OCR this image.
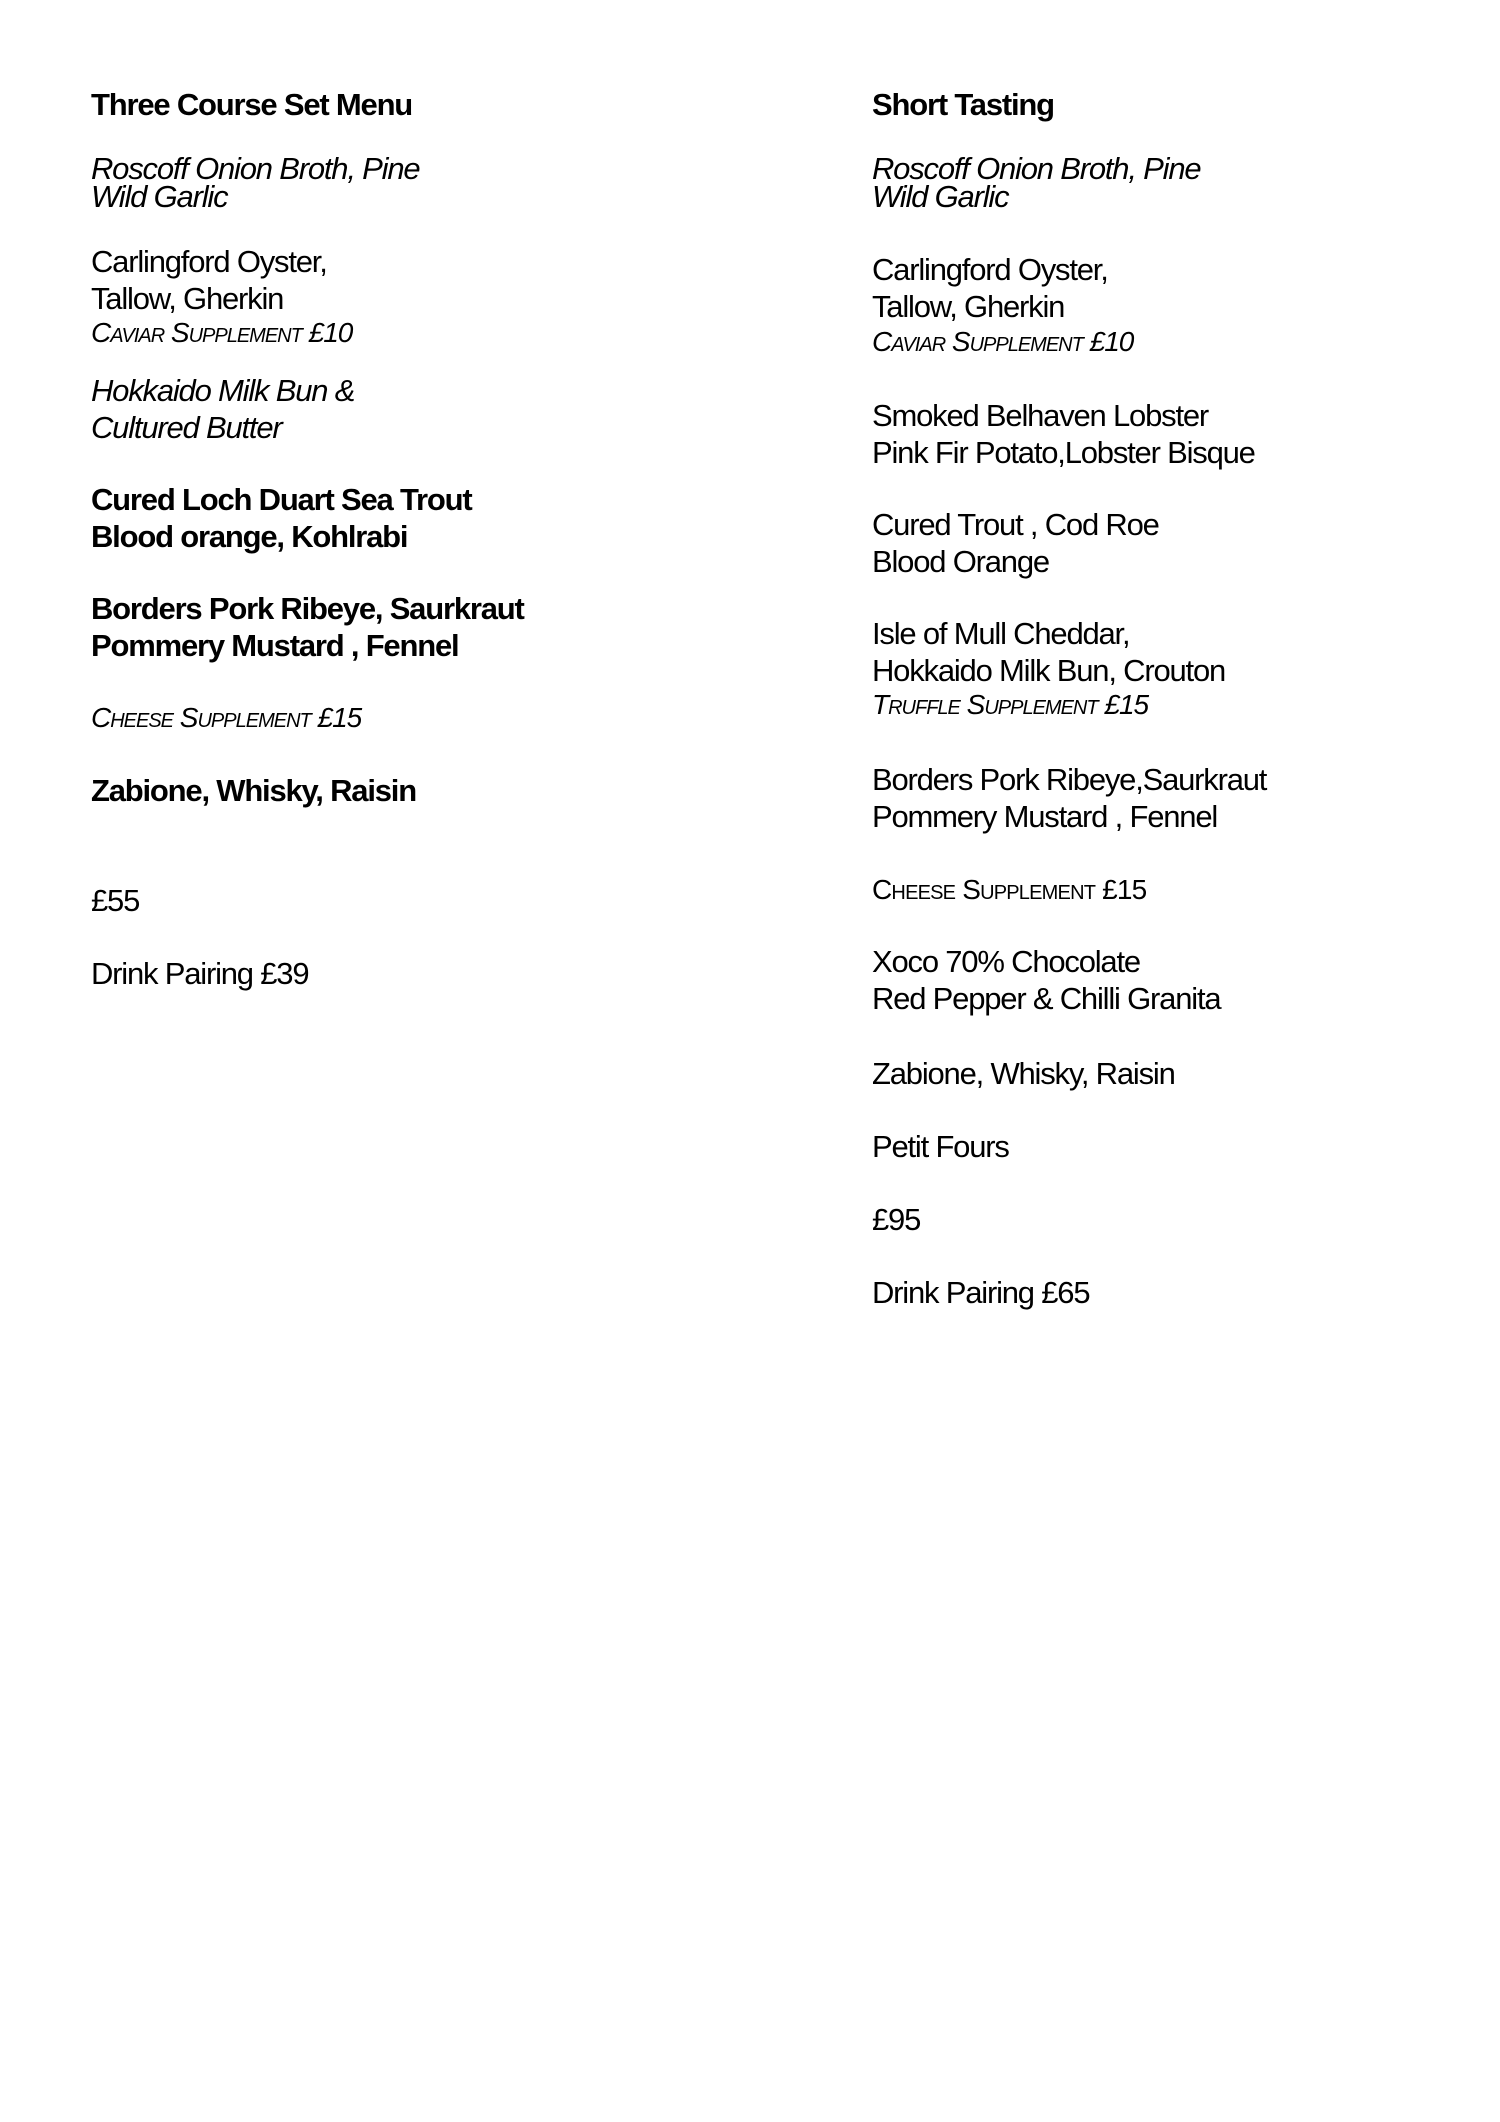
Three Course Set Menu
Roscoff Onion Broth, Pine
Wild Garlic
Carlingford Oyster,
Tallow, Gherkin
Caviar Supplement £10
Hokkaido Milk Bun &
Cultured Butter
Cured Loch Duart Sea Trout
Blood orange, Kohlrabi
Borders Pork Ribeye, Saurkraut
Pommery Mustard , Fennel
Cheese Supplement £15
Zabione, Whisky, Raisin
£55
Drink Pairing £39
Short Tasting
Roscoff Onion Broth, Pine
Wild Garlic
Carlingford Oyster,
Tallow, Gherkin
Caviar Supplement £10
Smoked Belhaven Lobster
Pink Fir Potato,Lobster Bisque
Cured Trout , Cod Roe
Blood Orange
Isle of Mull Cheddar,
Hokkaido Milk Bun, Crouton
Truffle Supplement £15
Borders Pork Ribeye,Saurkraut
Pommery Mustard , Fennel
Cheese Supplement £15
Xoco 70% Chocolate
Red Pepper & Chilli Granita
Zabione, Whisky, Raisin
Petit Fours
£95
Drink Pairing £65
